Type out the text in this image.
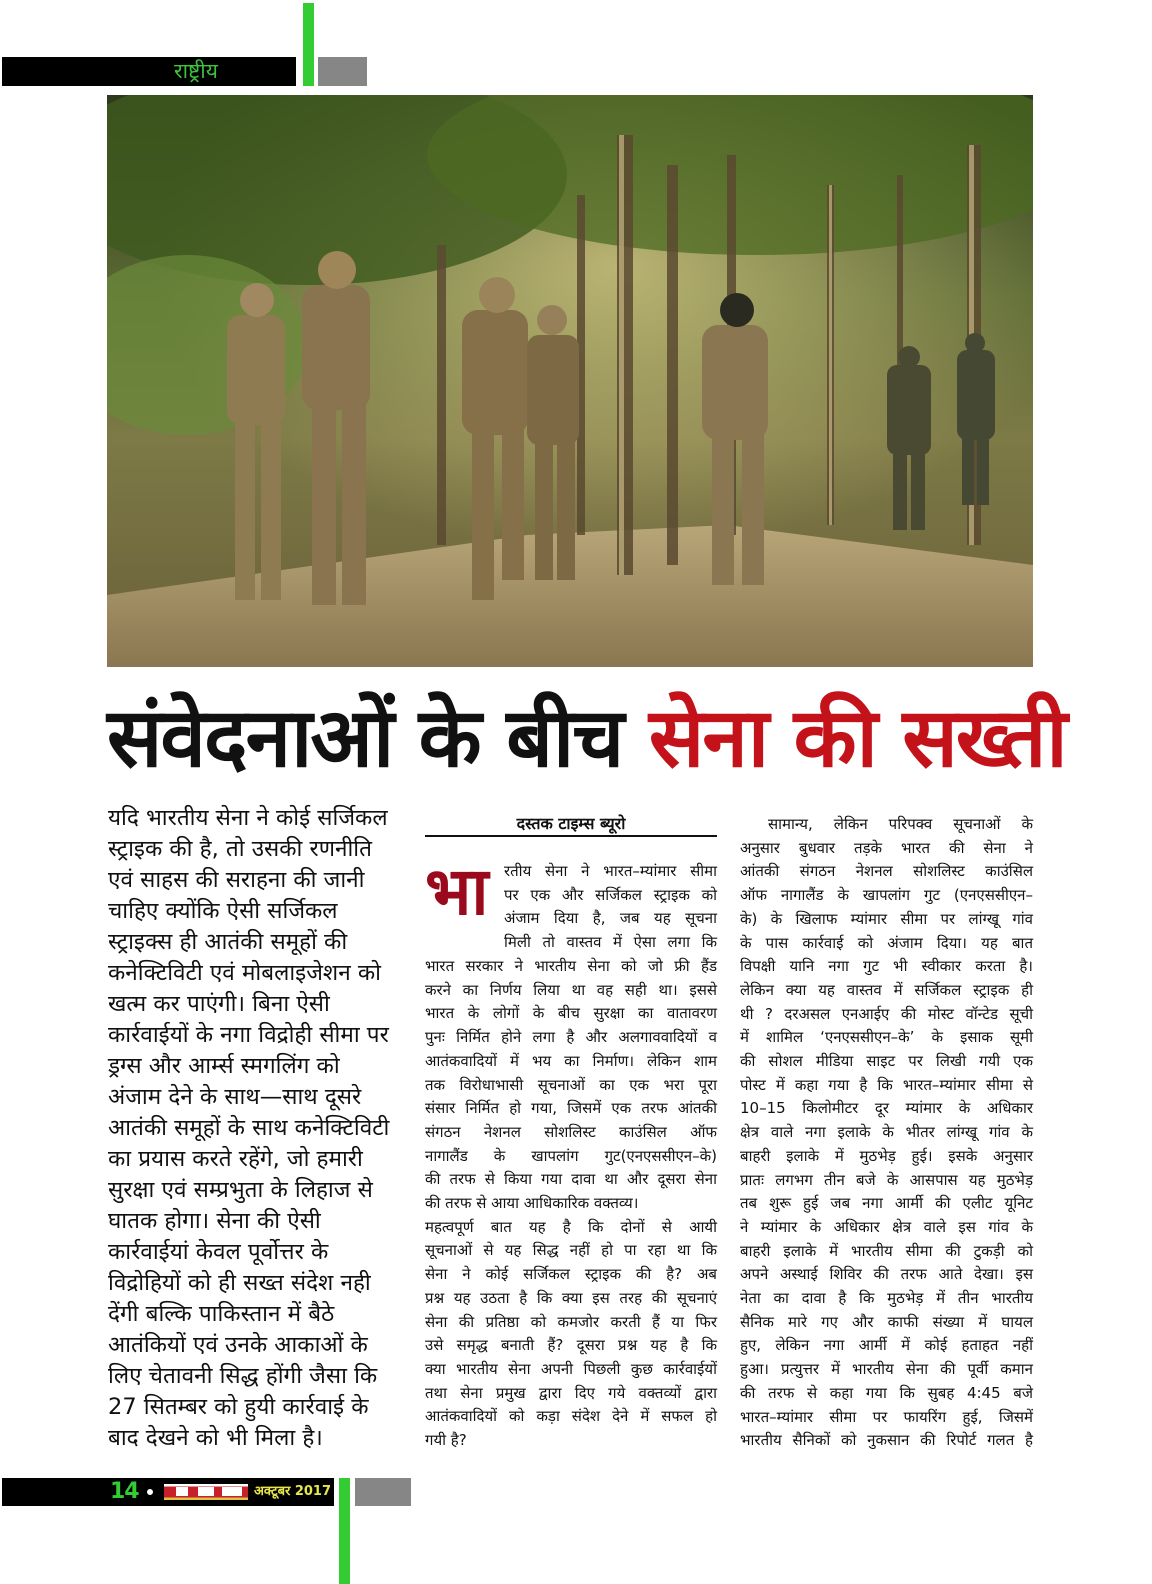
राष्ट्रीय
संवेदनाओं के बीच सेना की सख्ती
यदि भारतीय सेना ने कोई सर्जिकल
स्ट्राइक की है, तो उसकी रणनीति
एवं साहस की सराहना की जानी
चाहिए क्योंकि ऐसी सर्जिकल
स्ट्राइक्स ही आतंकी समूहों की
कनेक्टिविटी एवं मोबलाइजेशन को
खत्म कर पाएंगी। बिना ऐसी
कार्रवाईयों के नगा विद्रोही सीमा पर
ड्रग्स और आर्म्स स्मगलिंग को
अंजाम देने के साथ—साथ दूसरे
आतंकी समूहों के साथ कनेक्टिविटी
का प्रयास करते रहेंगे, जो हमारी
सुरक्षा एवं सम्प्रभुता के लिहाज से
घातक होगा। सेना की ऐसी
कार्रवाईयां केवल पूर्वोत्तर के
विद्रोहियों को ही सख्त संदेश नही
देंगी बल्कि पाकिस्तान में बैठे
आतंकियों एवं उनके आकाओं के
लिए चेतावनी सिद्ध होंगी जैसा कि
27 सितम्बर को हुयी कार्रवाई के
बाद देखने को भी मिला है।
दस्तक टाइम्स ब्यूरो
भा	रतीय सेना ने भारत–म्यांमार सीमा
पर एक और सर्जिकल स्ट्राइक को
अंजाम दिया है, जब यह सूचना
मिली तो वास्तव में ऐसा लगा कि
भारत सरकार ने भारतीय सेना को जो फ्री हैंड
करने का निर्णय लिया था वह सही था। इससे
भारत के लोगों के बीच सुरक्षा का वातावरण
पुनः निर्मित होने लगा है और अलगाववादियों व
आतंकवादियों में भय का निर्माण। लेकिन शाम
तक विरोधाभासी सूचनाओं का एक भरा पूरा
संसार निर्मित हो गया, जिसमें एक तरफ आंतकी
संगठन नेशनल सोशलिस्ट काउंसिल ऑफ
नागालैंड के खापलांग गुट(एनएससीएन–के)
की तरफ से किया गया दावा था और दूसरा सेना
की तरफ से आया आधिकारिक वक्तव्य।
महत्वपूर्ण बात यह है कि दोनों से आयी
सूचनाओं से यह सिद्ध नहीं हो पा रहा था कि
सेना ने कोई सर्जिकल स्ट्राइक की है? अब
प्रश्न यह उठता है कि क्या इस तरह की सूचनाएं
सेना की प्रतिष्ठा को कमजोर करती हैं या फिर
उसे समृद्ध बनाती हैं? दूसरा प्रश्न यह है कि
क्या भारतीय सेना अपनी पिछली कुछ कार्रवाईयों
तथा सेना प्रमुख द्वारा दिए गये वक्तव्यों द्वारा
आतंकवादियों को कड़ा संदेश देने में सफल हो
गयी है?
सामान्य, लेकिन परिपक्व सूचनाओं के
अनुसार बुधवार तड़के भारत की सेना ने
आंतकी संगठन नेशनल सोशलिस्ट काउंसिल
ऑफ नागालैंड के खापलांग गुट (एनएससीएन–
के) के खिलाफ म्यांमार सीमा पर लांग्खू गांव
के पास कार्रवाई को अंजाम दिया। यह बात
विपक्षी यानि नगा गुट भी स्वीकार करता है।
लेकिन क्या यह वास्तव में सर्जिकल स्ट्राइक ही
थी ? दरअसल एनआईए की मोस्ट वॉन्टेड सूची
में शामिल ‘एनएससीएन–के’ के इसाक सूमी
की सोशल मीडिया साइट पर लिखी गयी एक
पोस्ट में कहा गया है कि भारत–म्यांमार सीमा से
10–15 किलोमीटर दूर म्यांमार के अधिकार
क्षेत्र वाले नगा इलाके के भीतर लांग्खू गांव के
बाहरी इलाके में मुठभेड़ हुई। इसके अनुसार
प्रातः लगभग तीन बजे के आसपास यह मुठभेड़
तब शुरू हुई जब नगा आर्मी की एलीट यूनिट
ने म्यांमार के अधिकार क्षेत्र वाले इस गांव के
बाहरी इलाके में भारतीय सीमा की टुकड़ी को
अपने अस्थाई शिविर की तरफ आते देखा। इस
नेता का दावा है कि मुठभेड़ में तीन भारतीय
सैनिक मारे गए और काफी संख्या में घायल
हुए, लेकिन नगा आर्मी में कोई हताहत नहीं
हुआ। प्रत्युत्तर में भारतीय सेना की पूर्वी कमान
की तरफ से कहा गया कि सुबह 4:45 बजे
भारत–म्यांमार सीमा पर फायरिंग हुई, जिसमें
भारतीय सैनिकों को नुकसान की रिपोर्ट गलत है
14	अक्टूबर 2017
